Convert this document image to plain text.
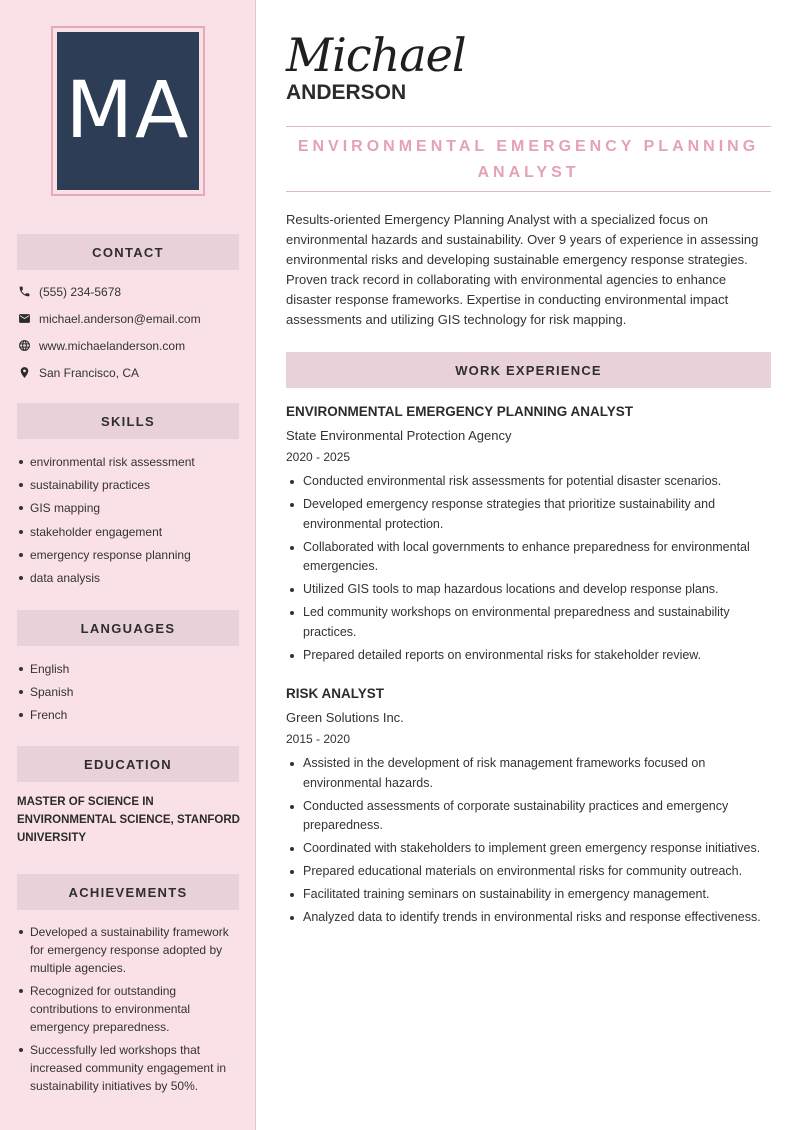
MA
CONTACT
(555) 234-5678
michael.anderson@email.com
www.michaelanderson.com
San Francisco, CA
SKILLS
environmental risk assessment
sustainability practices
GIS mapping
stakeholder engagement
emergency response planning
data analysis
LANGUAGES
English
Spanish
French
EDUCATION
MASTER OF SCIENCE IN ENVIRONMENTAL SCIENCE, STANFORD UNIVERSITY
ACHIEVEMENTS
Developed a sustainability framework for emergency response adopted by multiple agencies.
Recognized for outstanding contributions to environmental emergency preparedness.
Successfully led workshops that increased community engagement in sustainability initiatives by 50%.
Michael
ANDERSON
ENVIRONMENTAL EMERGENCY PLANNING ANALYST

Results-oriented Emergency Planning Analyst with a specialized focus on environmental hazards and sustainability. Over 9 years of experience in assessing environmental risks and developing sustainable emergency response strategies. Proven track record in collaborating with environmental agencies to enhance disaster response frameworks. Expertise in conducting environmental impact assessments and utilizing GIS technology for risk mapping.

WORK EXPERIENCE
ENVIRONMENTAL EMERGENCY PLANNING ANALYST
State Environmental Protection Agency
2020 - 2025
Conducted environmental risk assessments for potential disaster scenarios.
Developed emergency response strategies that prioritize sustainability and environmental protection.
Collaborated with local governments to enhance preparedness for environmental emergencies.
Utilized GIS tools to map hazardous locations and develop response plans.
Led community workshops on environmental preparedness and sustainability practices.
Prepared detailed reports on environmental risks for stakeholder review.
RISK ANALYST
Green Solutions Inc.
2015 - 2020
Assisted in the development of risk management frameworks focused on environmental hazards.
Conducted assessments of corporate sustainability practices and emergency preparedness.
Coordinated with stakeholders to implement green emergency response initiatives.
Prepared educational materials on environmental risks for community outreach.
Facilitated training seminars on sustainability in emergency management.
Analyzed data to identify trends in environmental risks and response effectiveness.
